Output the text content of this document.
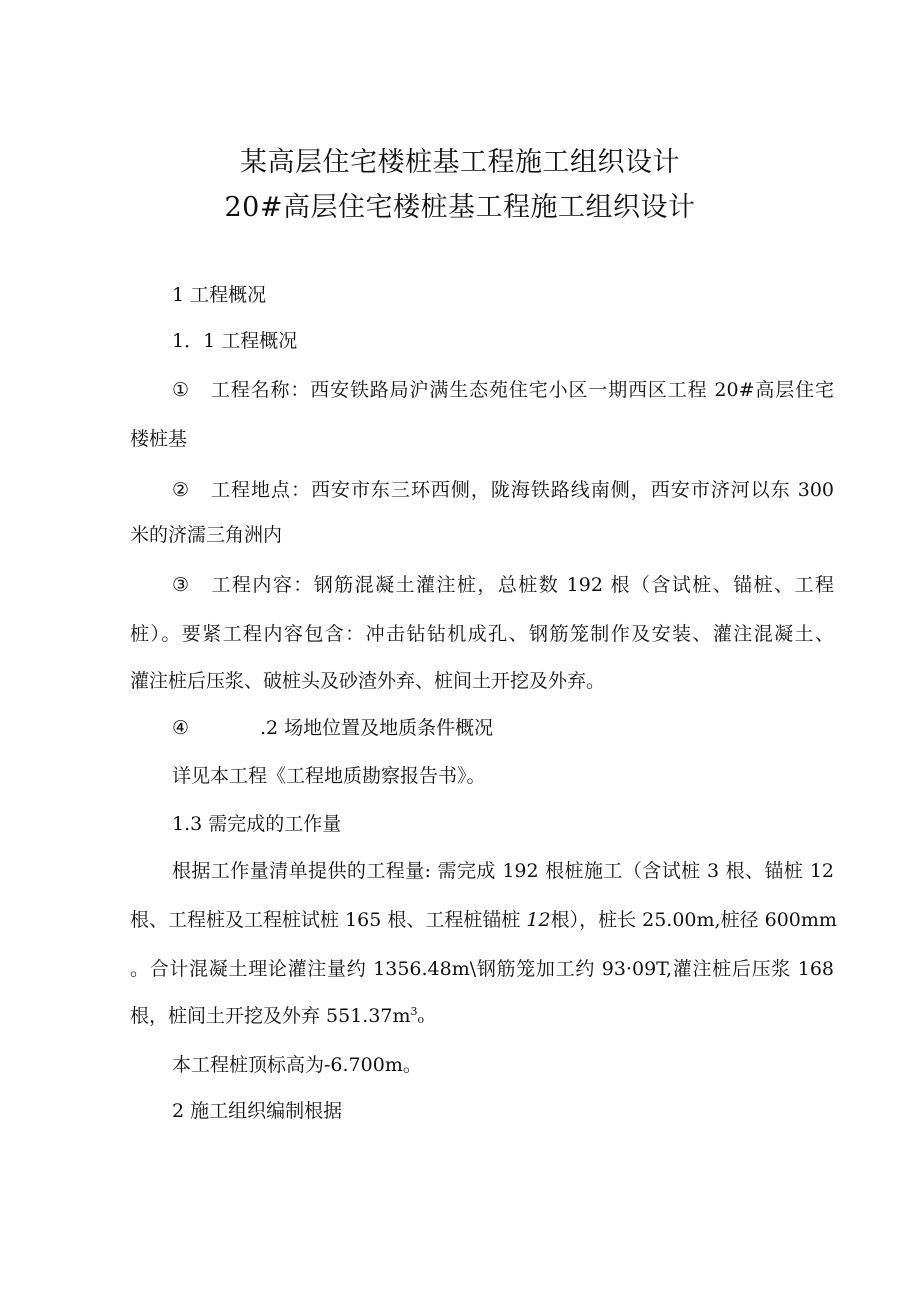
某高层住宅楼桩基工程施工组织设计
20#高层住宅楼桩基工程施工组织设计

1 工程概况

1．1 工程概况

① 工程名称：西安铁路局沪满生态苑住宅小区一期西区工程 20#高层住宅

楼桩基

② 工程地点：西安市东三环西侧，陇海铁路线南侧，西安市济河以东 300

米的济濡三角洲内

③ 工程内容：钢筋混凝土灌注桩，总桩数 192 根（含试桩、锚桩、工程

桩）。要紧工程内容包含：冲击钻钻机成孔、钢筋笼制作及安装、灌注混凝土、

灌注桩后压浆、破桩头及砂渣外弃、桩间土开挖及外弃。

④	.2 场地位置及地质条件概况

详见本工程《工程地质勘察报告书》。

1.3 需完成的工作量

根据工作量清单提供的工程量: 需完成 192 根桩施工（含试桩 3 根、锚桩 12

根、工程桩及工程桩试桩 165 根、工程桩锚桩 12根），桩长 25.00m,桩径 600mm

。合计混凝土理论灌注量约 1356.48m\钢筋笼加工约 93·09T,灌注桩后压浆 168

根，桩间土开挖及外弃 $551.37m^3_o$

本工程桩顶标高为-6.700m。

2 施工组织编制根据
